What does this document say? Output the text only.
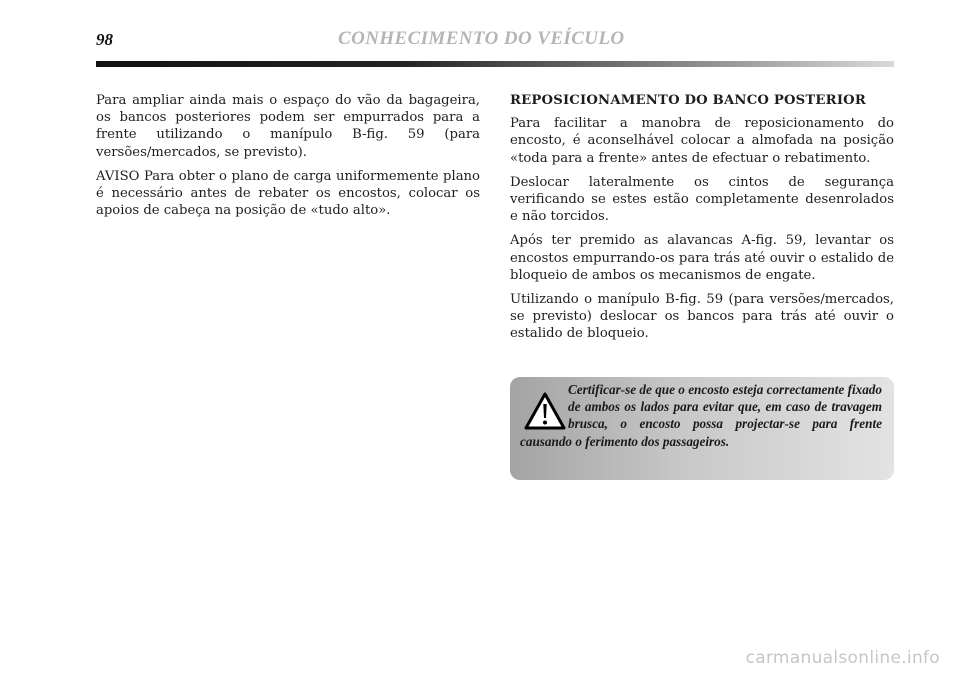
98	CONHECIMENTO DO VEÍCULO

Para ampliar ainda mais o espaço do vão da bagageira, os bancos posteriores podem ser empurrados para a frente utilizando o manípulo B-fig. 59 (para versões/mercados, se previsto).

AVISO Para obter o plano de carga uniformemente plano é necessário antes de rebater os encostos, colocar os apoios de cabeça na posição de «tudo alto».

REPOSICIONAMENTO DO BANCO POSTERIOR

Para facilitar a manobra de reposicionamento do encosto, é aconselhável colocar a almofada na posição «toda para a frente» antes de efectuar o rebatimento.

Deslocar lateralmente os cintos de segurança verificando se estes estão completamente desenrolados e não torcidos.

Após ter premido as alavancas A-fig. 59, levantar os encostos empurrando-os para trás até ouvir o estalido de bloqueio de ambos os mecanismos de engate.

Utilizando o manípulo B-fig. 59 (para versões/mercados, se previsto) deslocar os bancos para trás até ouvir o estalido de bloqueio.

Certificar-se de que o encosto esteja correctamente fixado de ambos os lados para evitar que, em caso de travagem brusca, o encosto possa projectar-se para frente causando o ferimento dos passageiros.

carmanualsonline.info
